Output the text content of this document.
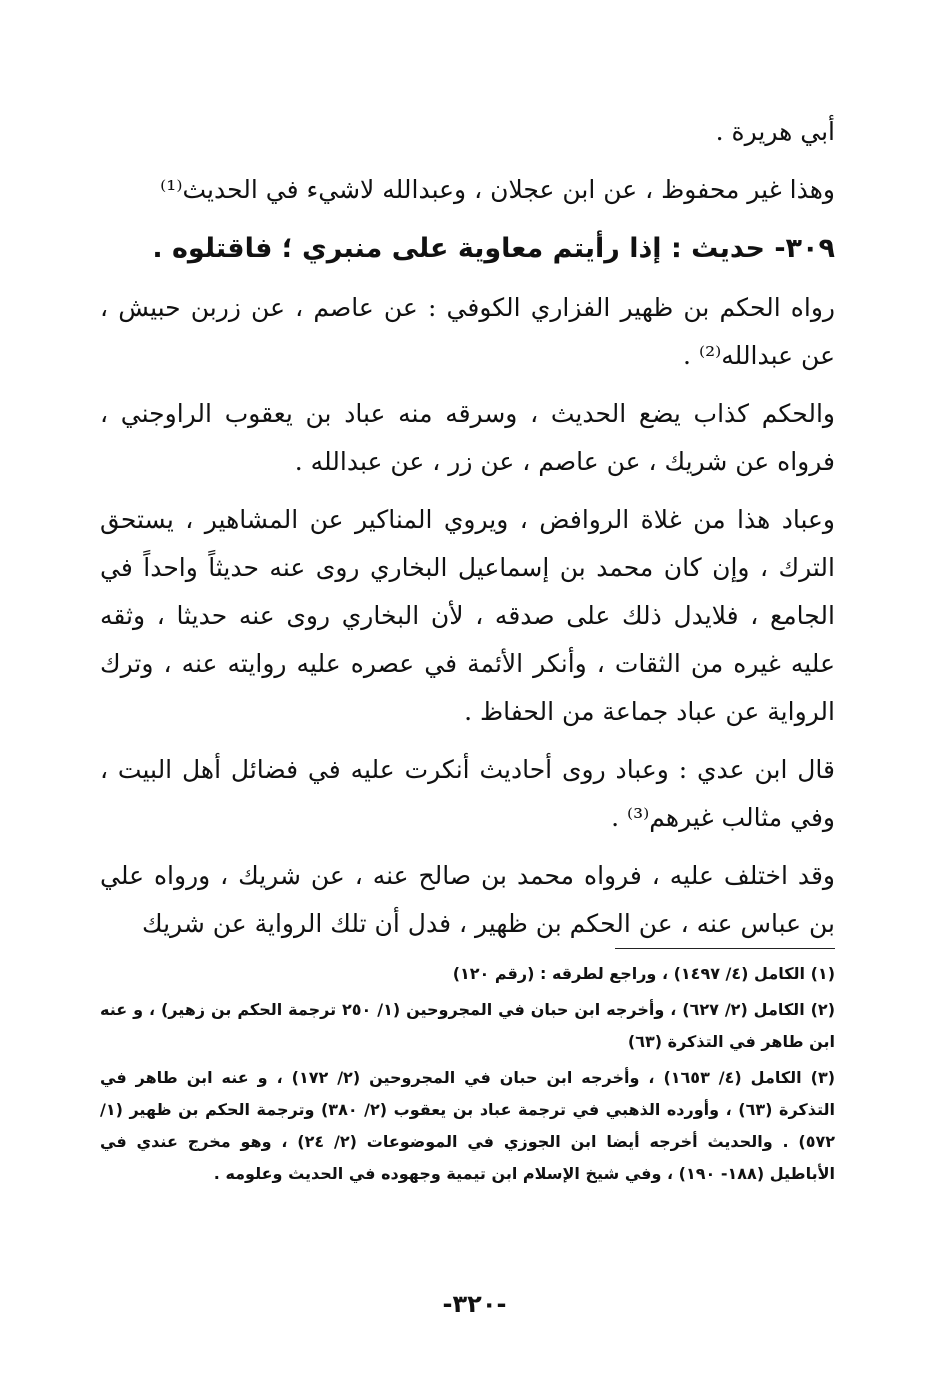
أبي هريرة .

وهذا غير محفوظ ، عن ابن عجلان ، وعبدالله لاشيء في الحديث⁽¹⁾

٣٠٩- حديث : إذا رأيتم معاوية على منبري ؛ فاقتلوه .

رواه الحكم بن ظهير الفزاري الكوفي : عن عاصم ، عن زربن حبيش ، عن عبدالله⁽²⁾ .

والحكم كذاب يضع الحديث ، وسرقه منه عباد بن يعقوب الراوجني ، فرواه عن شريك ، عن عاصم ، عن زر ، عن عبدالله .

وعباد هذا من غلاة الروافض ، ويروي المناكير عن المشاهير ، يستحق الترك ، وإن كان محمد بن إسماعيل البخاري روى عنه حديثاً واحداً في الجامع ، فلايدل ذلك على صدقه ، لأن البخاري روى عنه حديثا ، وثقه عليه غيره من الثقات ، وأنكر الأئمة في عصره عليه روايته عنه ، وترك الرواية عن عباد جماعة من الحفاظ .

قال ابن عدي : وعباد روى أحاديث أنكرت عليه في فضائل أهل البيت ، وفي مثالب غيرهم⁽³⁾ .

وقد اختلف عليه ، فرواه محمد بن صالح عنه ، عن شريك ، ورواه علي بن عباس عنه ، عن الحكم بن ظهير ، فدل أن تلك الرواية عن شريك

(١) الكامل (٤/ ١٤٩٧) ، وراجع لطرقه : (رقم ١٢٠)

(٢) الكامل (٢/ ٦٢٧) ، وأخرجه ابن حبان في المجروحين (١/ ٢٥٠ ترجمة الحكم بن زهير) ، و عنه ابن طاهر في التذكرة (٦٣)

(٣) الكامل (٤/ ١٦٥٣) ، وأخرجه ابن حبان في المجروحين (٢/ ١٧٢) ، و عنه ابن طاهر في التذكرة (٦٣) ، وأورده الذهبي في ترجمة عباد بن يعقوب (٢/ ٣٨٠) وترجمة الحكم بن ظهير (١/ ٥٧٢) . والحديث أخرجه أيضا ابن الجوزي في الموضوعات (٢/ ٢٤) ، وهو مخرج عندي في الأباطيل (١٨٨- ١٩٠) ، وفي شيخ الإسلام ابن تيمية وجهوده في الحديث وعلومه .

-٣٢٠-
